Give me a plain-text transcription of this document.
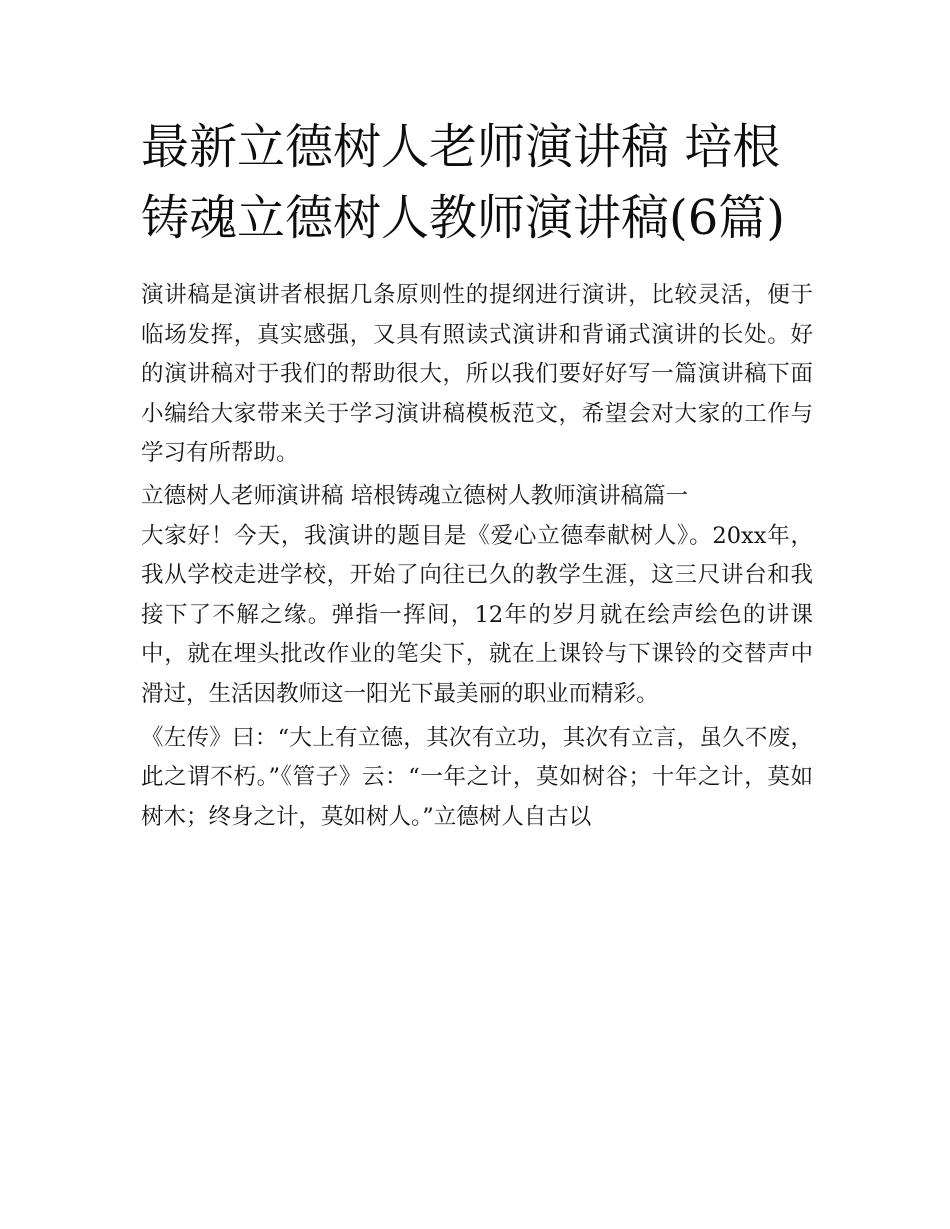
最新立德树人老师演讲稿 培根铸魂立德树人教师演讲稿(6篇)

演讲稿是演讲者根据几条原则性的提纲进行演讲，比较灵活，便于临场发挥，真实感强，又具有照读式演讲和背诵式演讲的长处。好的演讲稿对于我们的帮助很大，所以我们要好好写一篇演讲稿下面小编给大家带来关于学习演讲稿模板范文，希望会对大家的工作与学习有所帮助。

立德树人老师演讲稿 培根铸魂立德树人教师演讲稿篇一

大家好！今天，我演讲的题目是《爱心立德奉献树人》。20xx年，我从学校走进学校，开始了向往已久的教学生涯，这三尺讲台和我接下了不解之缘。弹指一挥间，12年的岁月就在绘声绘色的讲课中，就在埋头批改作业的笔尖下，就在上课铃与下课铃的交替声中滑过，生活因教师这一阳光下最美丽的职业而精彩。

《左传》曰：“大上有立德，其次有立功，其次有立言，虽久不废，此之谓不朽。”《管子》云：“一年之计，莫如树谷；十年之计，莫如树木；终身之计，莫如树人。”立德树人自古以
